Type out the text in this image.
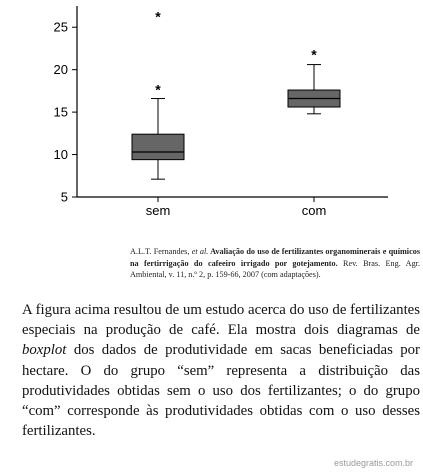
5
10
15
20
25
sem	com
*
*
*
A.L.T. Fernandes, et al. Avaliação do uso de fertilizantes organominerais e químicos na fertirrigação do cafeeiro irrigado por gotejamento. Rev. Bras. Eng. Agr. Ambiental, v. 11, n.º 2, p. 159-66, 2007 (com adaptações).

A figura acima resultou de um estudo acerca do uso de fertilizantes especiais na produção de café. Ela mostra dois diagramas de boxplot dos dados de produtividade em sacas beneficiadas por hectare. O do grupo “sem” representa a distribuição das produtividades obtidas sem o uso dos fertilizantes; o do grupo “com” corresponde às produtividades obtidas com o uso desses fertilizantes.

estudegratis.com.br
